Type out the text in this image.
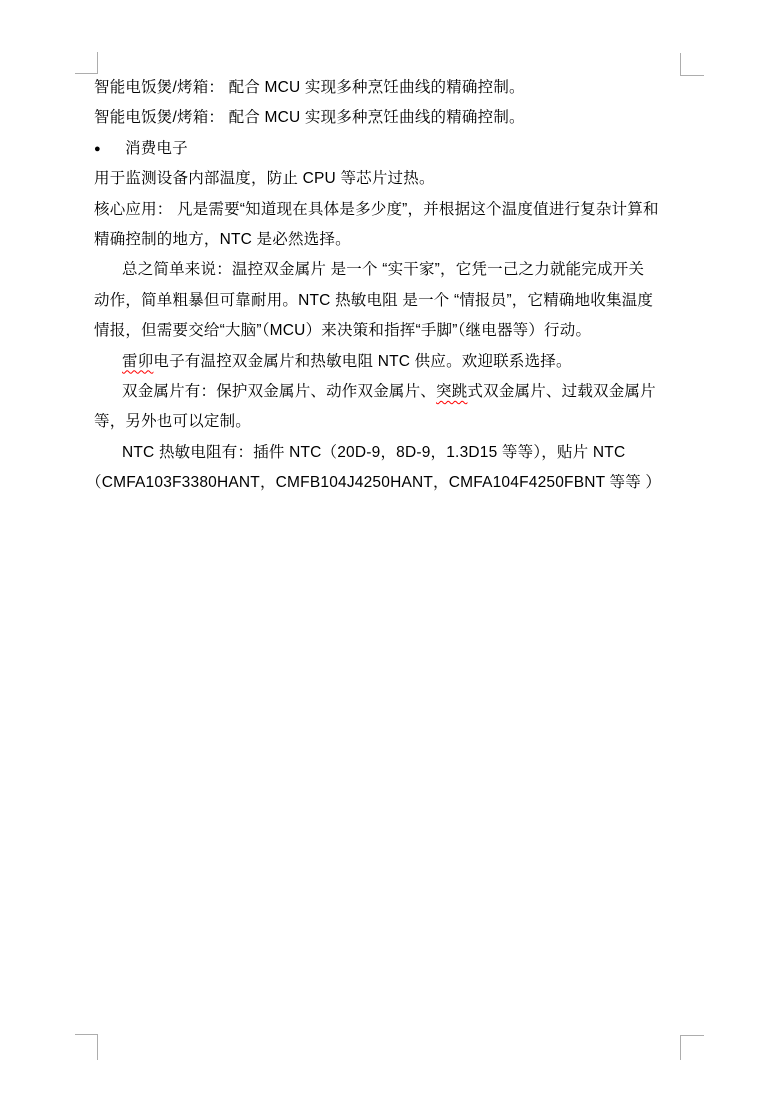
智能电饭煲/烤箱： 配合 MCU 实现多种烹饪曲线的精确控制。
智能电饭煲/烤箱： 配合 MCU 实现多种烹饪曲线的精确控制。
● 消费电子
用于监测设备内部温度，防止 CPU 等芯片过热。
核心应用： 凡是需要“知道现在具体是多少度”，并根据这个温度值进行复杂计算和
精确控制的地方，NTC 是必然选择。
总之简单来说：温控双金属片 是一个 “实干家”，它凭一己之力就能完成开关
动作，简单粗暴但可靠耐用。NTC 热敏电阻 是一个 “情报员”，它精确地收集温度
情报，但需要交给“大脑”（MCU）来决策和指挥“手脚”（继电器等）行动。
雷卯电子有温控双金属片和热敏电阻 NTC 供应。欢迎联系选择。
双金属片有：保护双金属片、动作双金属片、突跳式双金属片、过载双金属片
等，另外也可以定制。
NTC 热敏电阻有：插件 NTC（20D-9，8D-9，1.3D15 等等），贴片 NTC
（CMFA103F3380HANT，CMFB104J4250HANT，CMFA104F4250FBNT 等等 ）
